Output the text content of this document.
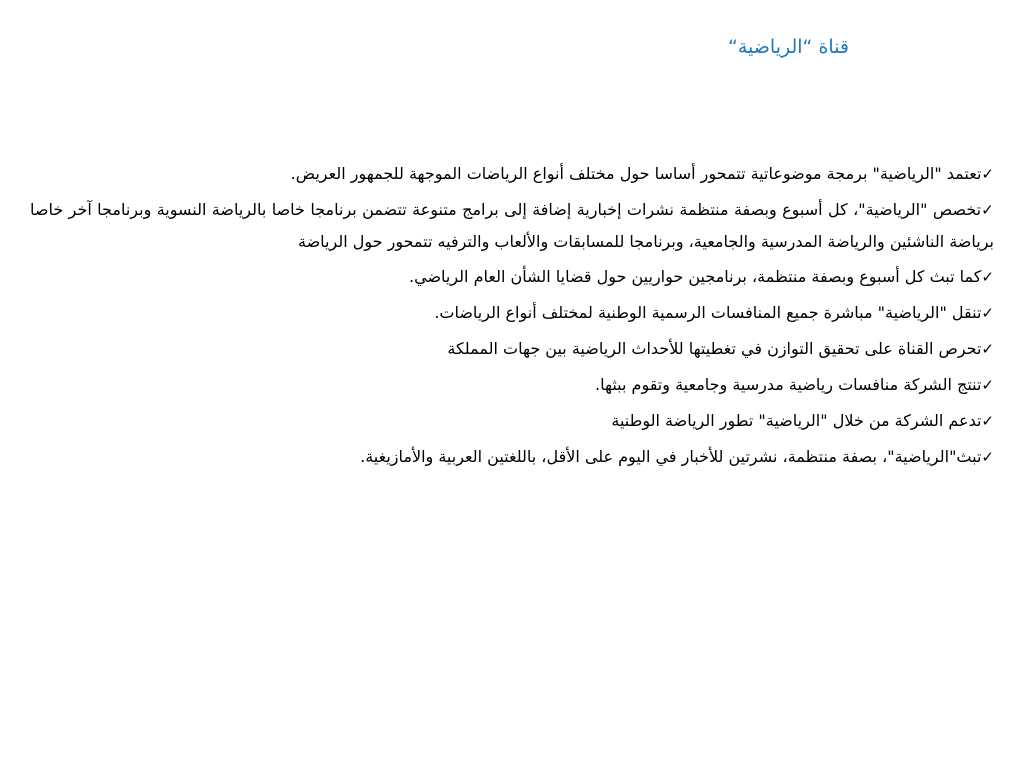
قناة “الرياضية“
✓تعتمد "الرياضية" برمجة موضوعاتية تتمحور أساسا حول مختلف أنواع الرياضات الموجهة للجمهور العريض.
✓تخصص "الرياضية"، كل أسبوع وبصفة منتظمة نشرات إخبارية إضافة إلى برامج متنوعة تتضمن برنامجا خاصا بالرياضة النسوية وبرنامجا آخر خاصا برياضة الناشئين والرياضة المدرسية والجامعية، وبرنامجا للمسابقات والألعاب والترفيه تتمحور حول الرياضة
✓كما تبث كل أسبوع وبصفة منتظمة، برنامجين حواريين حول قضايا الشأن العام الرياضي.
✓تنقل "الرياضية" مباشرة جميع المنافسات الرسمية الوطنية لمختلف أنواع الرياضات.
✓تحرص القناة على تحقيق التوازن في تغطيتها للأحداث الرياضية بين جهات المملكة
✓تنتج الشركة منافسات رياضية مدرسية وجامعية وتقوم ببثها.
✓تدعم الشركة من خلال "الرياضية" تطور الرياضة الوطنية
✓تبث"الرياضية"، بصفة منتظمة، نشرتين للأخبار في اليوم على الأقل، باللغتين العربية والأمازيغية.
